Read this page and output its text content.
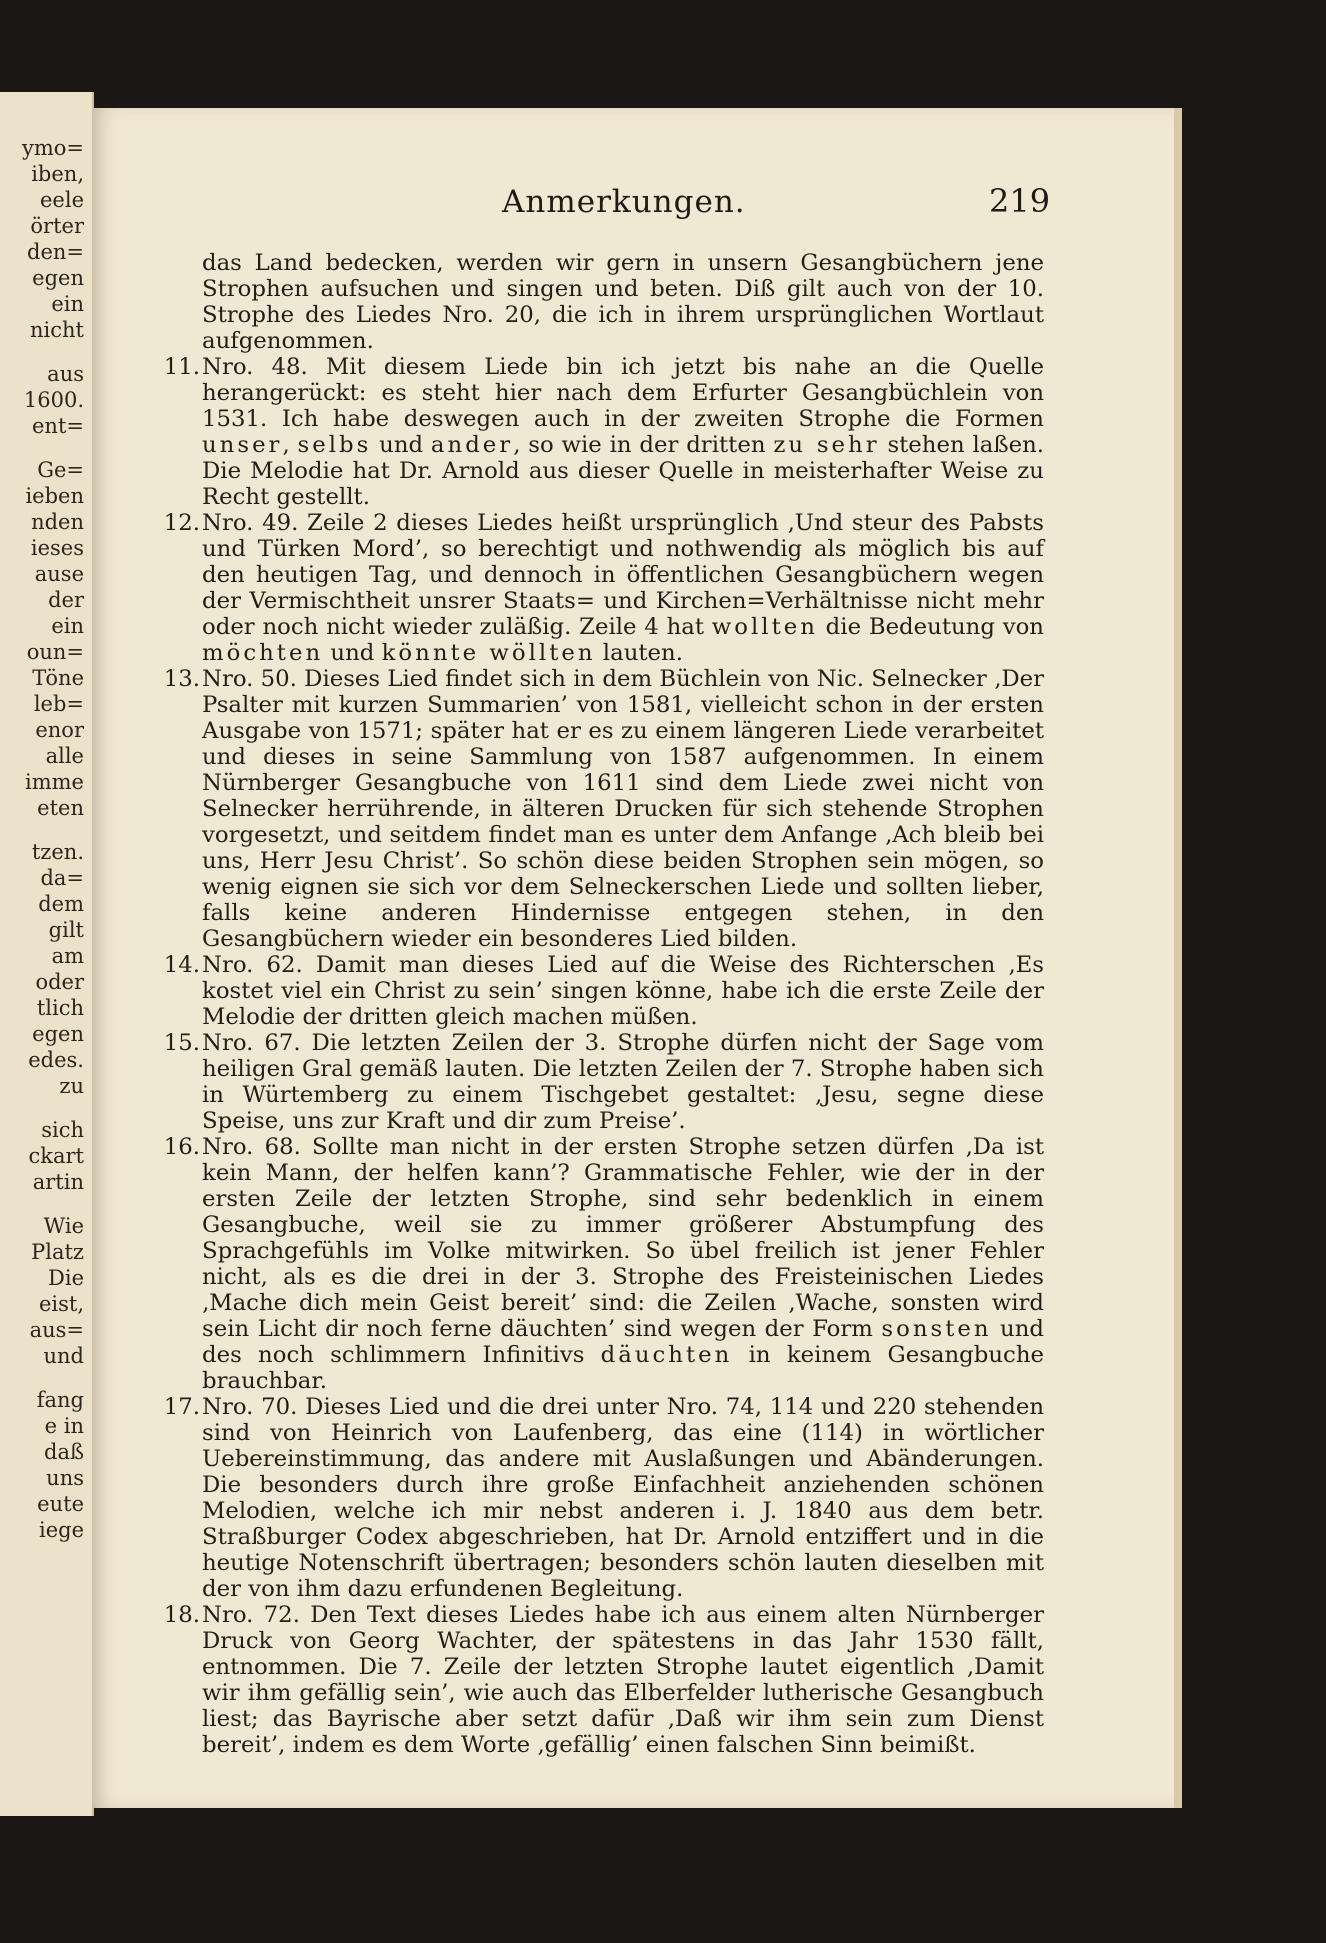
ymo=
iben,
eele
örter
den=
egen
ein
nicht
aus
1600.
ent=
Ge=
ieben
nden
ieses
ause
der
ein
oun=
Töne
leb=
enor
alle
imme
eten
tzen.
da=
dem
gilt
am
oder
tlich
egen
edes.
zu
sich
ckart
artin
Wie
Platz
Die
eist,
aus=
und
fang
e in
daß
uns
eute
iege
Anmerkungen.	219

das Land bedecken, werden wir gern in unsern Gesangbüchern jene Strophen aufsuchen und singen und beten. Diß gilt auch von der 10. Strophe des Liedes Nro. 20, die ich in ihrem ursprünglichen Wortlaut aufgenommen.

11. Nro. 48. Mit diesem Liede bin ich jetzt bis nahe an die Quelle herangerückt: es steht hier nach dem Erfurter Gesangbüchlein von 1531. Ich habe deswegen auch in der zweiten Strophe die Formen unser, selbs und ander, so wie in der dritten zu sehr stehen laßen. Die Melodie hat Dr. Arnold aus dieser Quelle in meisterhafter Weise zu Recht gestellt.

12. Nro. 49. Zeile 2 dieses Liedes heißt ursprünglich ‚Und steur des Pabsts und Türken Mord’, so berechtigt und nothwendig als möglich bis auf den heutigen Tag, und dennoch in öffentlichen Gesangbüchern wegen der Vermischtheit unsrer Staats= und Kirchen=Verhältnisse nicht mehr oder noch nicht wieder zuläßig. Zeile 4 hat wollten die Bedeutung von möchten und könnte wöllten lauten.

13. Nro. 50. Dieses Lied findet sich in dem Büchlein von Nic. Selnecker ‚Der Psalter mit kurzen Summarien’ von 1581, vielleicht schon in der ersten Ausgabe von 1571; später hat er es zu einem längeren Liede verarbeitet und dieses in seine Sammlung von 1587 aufgenommen. In einem Nürnberger Gesangbuche von 1611 sind dem Liede zwei nicht von Selnecker herrührende, in älteren Drucken für sich stehende Strophen vorgesetzt, und seitdem findet man es unter dem Anfange ‚Ach bleib bei uns, Herr Jesu Christ’. So schön diese beiden Strophen sein mögen, so wenig eignen sie sich vor dem Selneckerschen Liede und sollten lieber, falls keine anderen Hindernisse entgegen stehen, in den Gesangbüchern wieder ein besonderes Lied bilden.

14. Nro. 62. Damit man dieses Lied auf die Weise des Richterschen ‚Es kostet viel ein Christ zu sein’ singen könne, habe ich die erste Zeile der Melodie der dritten gleich machen müßen.

15. Nro. 67. Die letzten Zeilen der 3. Strophe dürfen nicht der Sage vom heiligen Gral gemäß lauten. Die letzten Zeilen der 7. Strophe haben sich in Würtemberg zu einem Tischgebet gestaltet: ‚Jesu, segne diese Speise, uns zur Kraft und dir zum Preise’.

16. Nro. 68. Sollte man nicht in der ersten Strophe setzen dürfen ‚Da ist kein Mann, der helfen kann’? Grammatische Fehler, wie der in der ersten Zeile der letzten Strophe, sind sehr bedenklich in einem Gesangbuche, weil sie zu immer größerer Abstumpfung des Sprachgefühls im Volke mitwirken. So übel freilich ist jener Fehler nicht, als es die drei in der 3. Strophe des Freisteinischen Liedes ‚Mache dich mein Geist bereit’ sind: die Zeilen ‚Wache, sonsten wird sein Licht dir noch ferne däuchten’ sind wegen der Form sonsten und des noch schlimmern Infinitivs däuchten in keinem Gesangbuche brauchbar.

17. Nro. 70. Dieses Lied und die drei unter Nro. 74, 114 und 220 stehenden sind von Heinrich von Laufenberg, das eine (114) in wörtlicher Uebereinstimmung, das andere mit Auslaßungen und Abänderungen. Die besonders durch ihre große Einfachheit anziehenden schönen Melodien, welche ich mir nebst anderen i. J. 1840 aus dem betr. Straßburger Codex abgeschrieben, hat Dr. Arnold entziffert und in die heutige Notenschrift übertragen; besonders schön lauten dieselben mit der von ihm dazu erfundenen Begleitung.

18. Nro. 72. Den Text dieses Liedes habe ich aus einem alten Nürnberger Druck von Georg Wachter, der spätestens in das Jahr 1530 fällt, entnommen. Die 7. Zeile der letzten Strophe lautet eigentlich ‚Damit wir ihm gefällig sein’, wie auch das Elberfelder lutherische Gesangbuch liest; das Bayrische aber setzt dafür ‚Daß wir ihm sein zum Dienst bereit’, indem es dem Worte ‚gefällig’ einen falschen Sinn beimißt.
